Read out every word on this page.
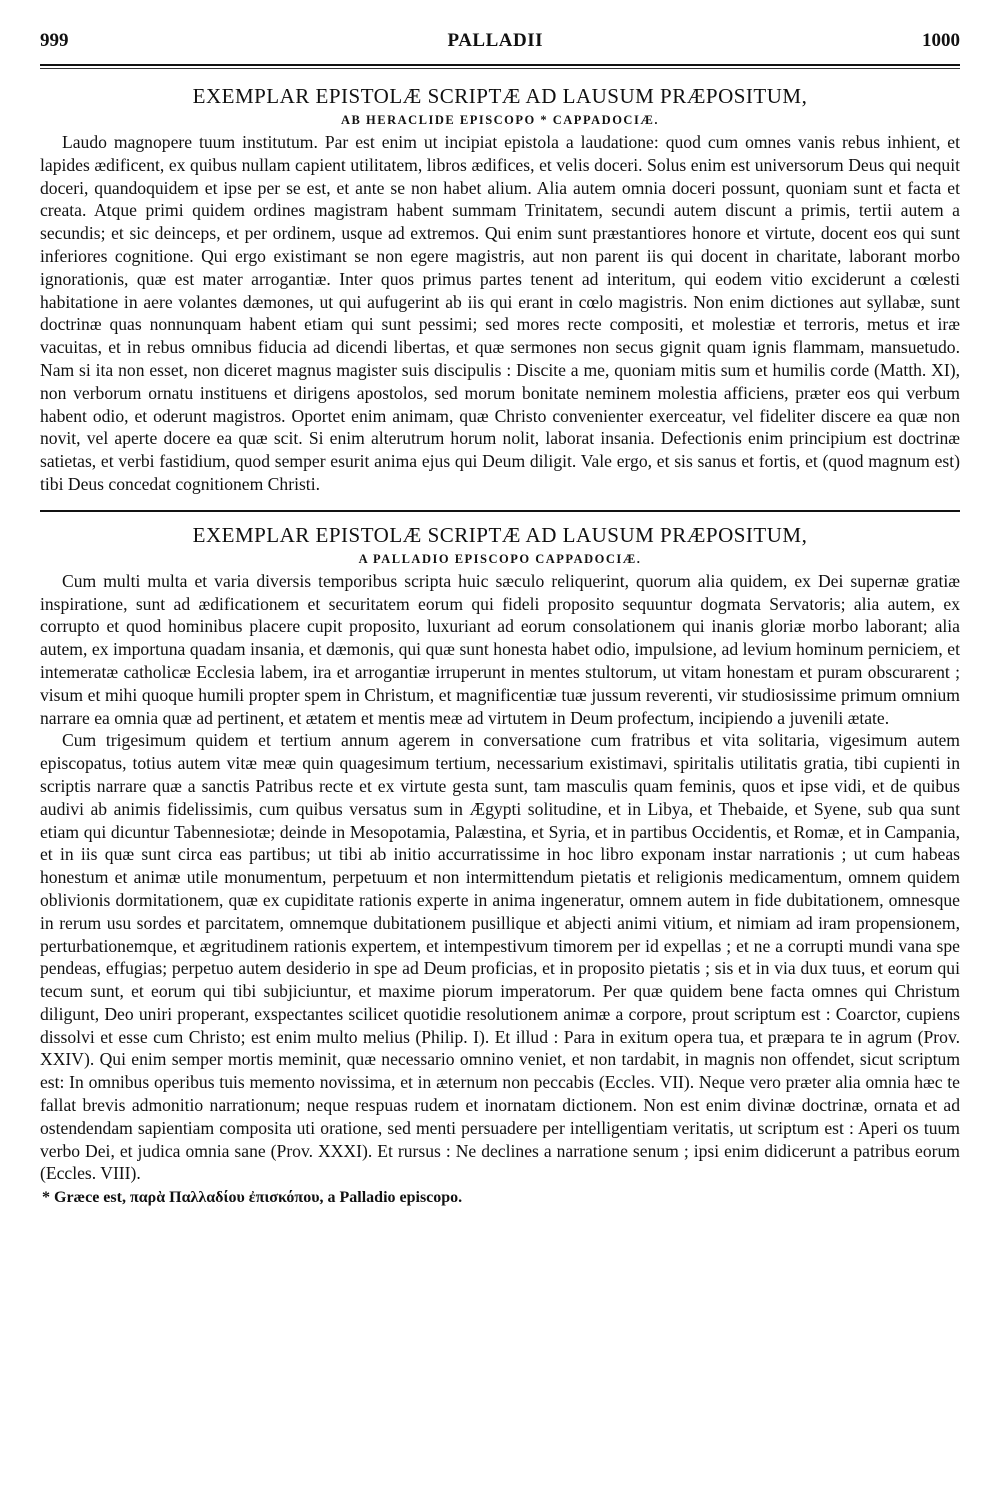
999	PALLADII	1000
EXEMPLAR EPISTOLÆ SCRIPTÆ AD LAUSUM PRÆPOSITUM,
AB HERACLIDE EPISCOPO * CAPPADOCIÆ.

Laudo magnopere tuum institutum. Par est enim ut incipiat epistola a laudatione: quod cum omnes vanis rebus inhient, et lapides ædificent, ex quibus nullam capient utilitatem, libros ædifices, et velis doceri. Solus enim est universorum Deus qui nequit doceri, quandoquidem et ipse per se est, et ante se non habet alium. Alia autem omnia doceri possunt, quoniam sunt et facta et creata. Atque primi quidem ordines magistram habent summam Trinitatem, secundi autem discunt a primis, tertii autem a secundis; et sic deinceps, et per ordinem, usque ad extremos. Qui enim sunt præstantiores honore et virtute, docent eos qui sunt inferiores cognitione. Qui ergo existimant se non egere magistris, aut non parent iis qui docent in charitate, laborant morbo ignorationis, quæ est mater arrogantiæ. Inter quos primus partes tenent ad interitum, qui eodem vitio exciderunt a cœlesti habitatione in aere volantes dæmones, ut qui aufugerint ab iis qui erant in cœlo magistris. Non enim dictiones aut syllabæ, sunt doctrinæ quas nonnunquam habent etiam qui sunt pessimi; sed mores recte compositi, et molestiæ et terroris, metus et iræ vacuitas, et in rebus omnibus fiducia ad dicendi libertas, et quæ sermones non secus gignit quam ignis flammam, mansuetudo. Nam si ita non esset, non diceret magnus magister suis discipulis : Discite a me, quoniam mitis sum et humilis corde (Matth. XI), non verborum ornatu instituens et dirigens apostolos, sed morum bonitate neminem molestia afficiens, præter eos qui verbum habent odio, et oderunt magistros. Oportet enim animam, quæ Christo convenienter exerceatur, vel fideliter discere ea quæ non novit, vel aperte docere ea quæ scit. Si enim alterutrum horum nolit, laborat insania. Defectionis enim principium est doctrinæ satietas, et verbi fastidium, quod semper esurit anima ejus qui Deum diligit. Vale ergo, et sis sanus et fortis, et (quod magnum est) tibi Deus concedat cognitionem Christi.

EXEMPLAR EPISTOLÆ SCRIPTÆ AD LAUSUM PRÆPOSITUM,
A PALLADIO EPISCOPO CAPPADOCIÆ.

Cum multi multa et varia diversis temporibus scripta huic sæculo reliquerint, quorum alia quidem, ex Dei supernæ gratiæ inspiratione, sunt ad ædificationem et securitatem eorum qui fideli proposito sequuntur dogmata Servatoris; alia autem, ex corrupto et quod hominibus placere cupit proposito, luxuriant ad eorum consolationem qui inanis gloriæ morbo laborant; alia autem, ex importuna quadam insania, et dæmonis, qui quæ sunt honesta habet odio, impulsione, ad levium hominum perniciem, et intemeratæ catholicæ Ecclesia labem, ira et arrogantiæ irruperunt in mentes stultorum, ut vitam honestam et puram obscurarent ; visum et mihi quoque humili propter spem in Christum, et magnificentiæ tuæ jussum reverenti, vir studiosissime primum omnium narrare ea omnia quæ ad pertinent, et ætatem et mentis meæ ad virtutem in Deum profectum, incipiendo a juvenili ætate.

Cum trigesimum quidem et tertium annum agerem in conversatione cum fratribus et vita solitaria, vigesimum autem episcopatus, totius autem vitæ meæ quin quagesimum tertium, necessarium existimavi, spiritalis utilitatis gratia, tibi cupienti in scriptis narrare quæ a sanctis Patribus recte et ex virtute gesta sunt, tam masculis quam feminis, quos et ipse vidi, et de quibus audivi ab animis fidelissimis, cum quibus versatus sum in Ægypti solitudine, et in Libya, et Thebaide, et Syene, sub qua sunt etiam qui dicuntur Tabennesiotæ; deinde in Mesopotamia, Palæstina, et Syria, et in partibus Occidentis, et Romæ, et in Campania, et in iis quæ sunt circa eas partibus; ut tibi ab initio accurratissime in hoc libro exponam instar narrationis ; ut cum habeas honestum et animæ utile monumentum, perpetuum et non intermittendum pietatis et religionis medicamentum, omnem quidem oblivionis dormitationem, quæ ex cupiditate rationis experte in anima ingeneratur, omnem autem in fide dubitationem, omnesque in rerum usu sordes et parcitatem, omnemque dubitationem pusillique et abjecti animi vitium, et nimiam ad iram propensionem, perturbationemque, et ægritudinem rationis expertem, et intempestivum timorem per id expellas ; et ne a corrupti mundi vana spe pendeas, effugias; perpetuo autem desiderio in spe ad Deum proficias, et in proposito pietatis ; sis et in via dux tuus, et eorum qui tecum sunt, et eorum qui tibi subjiciuntur, et maxime piorum imperatorum. Per quæ quidem bene facta omnes qui Christum diligunt, Deo uniri properant, exspectantes scilicet quotidie resolutionem animæ a corpore, prout scriptum est : Coarctor, cupiens dissolvi et esse cum Christo; est enim multo melius (Philip. I). Et illud : Para in exitum opera tua, et præpara te in agrum (Prov. XXIV). Qui enim semper mortis meminit, quæ necessario omnino veniet, et non tardabit, in magnis non offendet, sicut scriptum est: In omnibus operibus tuis memento novissima, et in æternum non peccabis (Eccles. VII). Neque vero præter alia omnia hæc te fallat brevis admonitio narrationum; neque respuas rudem et inornatam dictionem. Non est enim divinæ doctrinæ, ornata et ad ostendendam sapientiam composita uti oratione, sed menti persuadere per intelligentiam veritatis, ut scriptum est : Aperi os tuum verbo Dei, et judica omnia sane (Prov. XXXI). Et rursus : Ne declines a narratione senum ; ipsi enim didicerunt a patribus eorum (Eccles. VIII).

* Græce est, παρὰ Παλλαδίου ἐπισκόπου, a Palladio episcopo.
